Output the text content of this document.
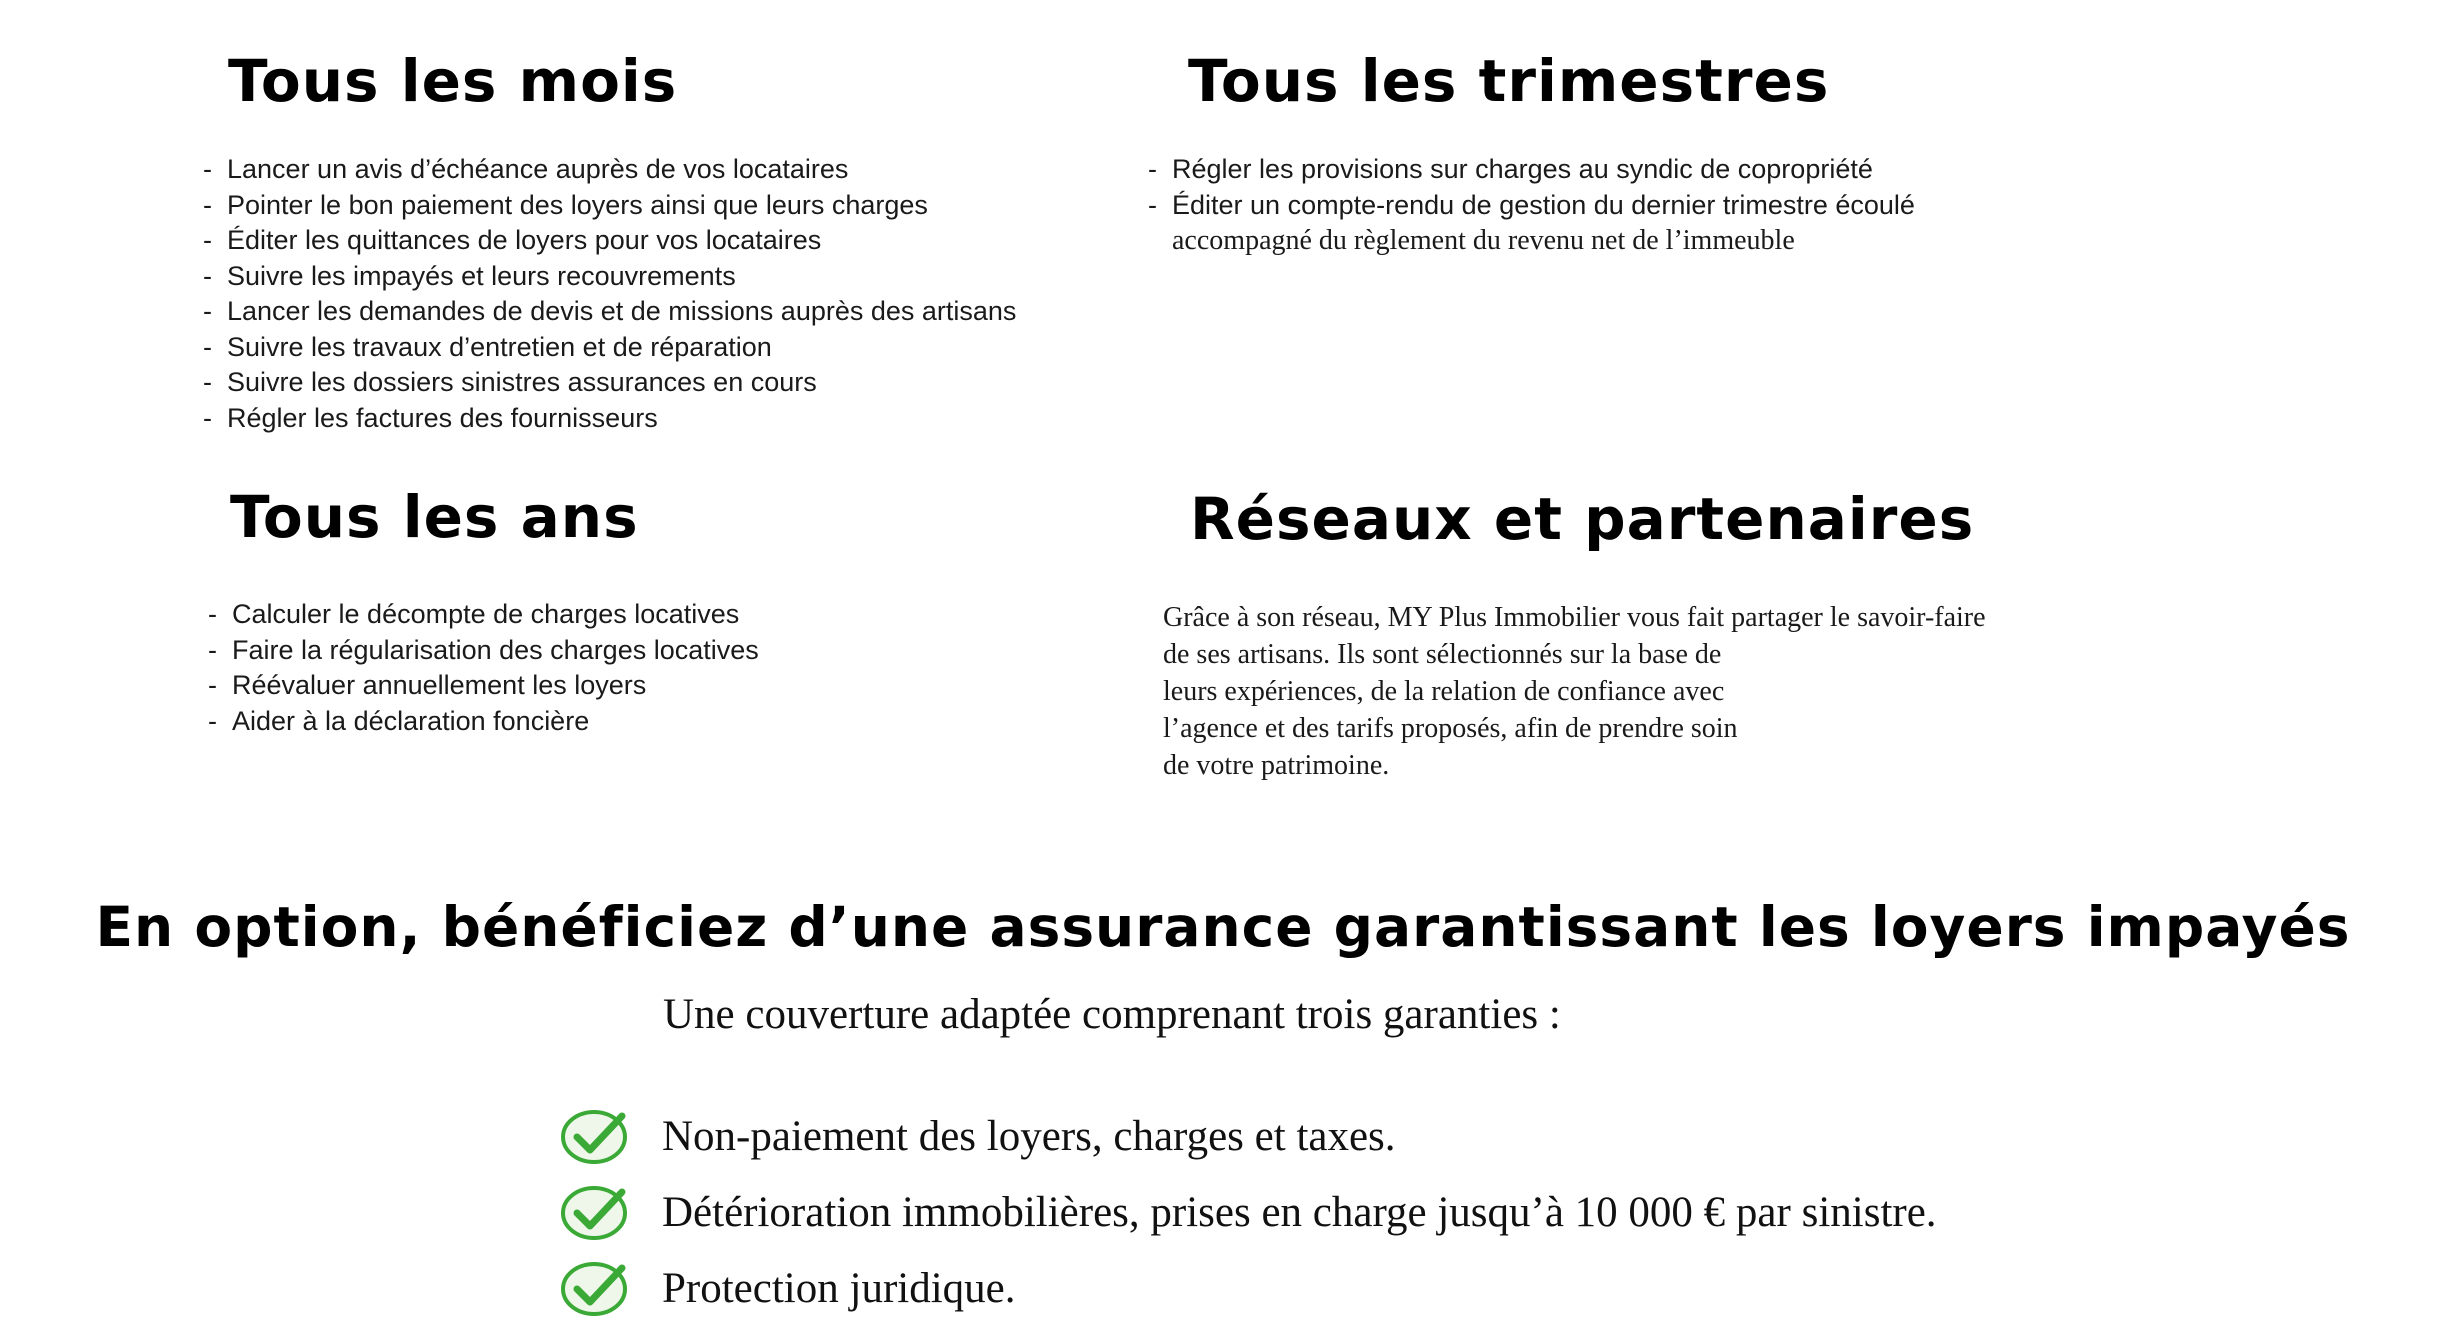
Tous les mois
- Lancer un avis d’échéance auprès de vos locataires
- Pointer le bon paiement des loyers ainsi que leurs charges
- Éditer les quittances de loyers pour vos locataires
- Suivre les impayés et leurs recouvrements
- Lancer les demandes de devis et de missions auprès des artisans
- Suivre les travaux d’entretien et de réparation
- Suivre les dossiers sinistres assurances en cours
- Régler les factures des fournisseurs
Tous les trimestres
- Régler les provisions sur charges au syndic de copropriété
- Éditer un compte-rendu de gestion du dernier trimestre écoulé
accompagné du règlement du revenu net de l’immeuble
Tous les ans
- Calculer le décompte de charges locatives
- Faire la régularisation des charges locatives
- Réévaluer annuellement les loyers
- Aider à la déclaration foncière
Réseaux et partenaires
Grâce à son réseau, MY Plus Immobilier vous fait partager le savoir-faire
de ses artisans. Ils sont sélectionnés sur la base de
leurs expériences, de la relation de confiance avec
l’agence et des tarifs proposés, afin de prendre soin
de votre patrimoine.
En option, bénéficiez d’une assurance garantissant les loyers impayés

Une couverture adaptée comprenant trois garanties :

Non-paiement des loyers, charges et taxes.
Détérioration immobilières, prises en charge jusqu’à 10 000 € par sinistre.
Protection juridique.
